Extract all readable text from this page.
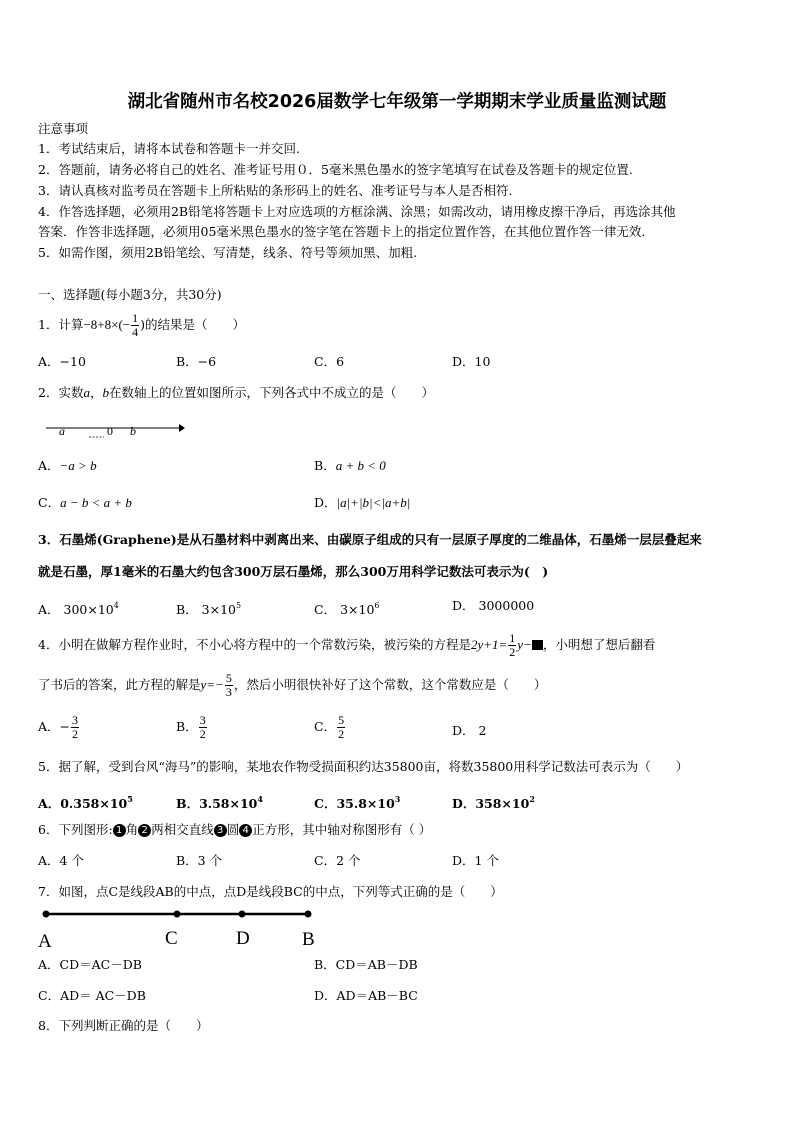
湖北省随州市名校2026届数学七年级第一学期期末学业质量监测试题
注意事项
1．考试结束后，请将本试卷和答题卡一并交回.
2．答题前，请务必将自己的姓名、准考证号用０．5毫米黑色墨水的签字笔填写在试卷及答题卡的规定位置.
3．请认真核对监考员在答题卡上所粘贴的条形码上的姓名、准考证号与本人是否相符.
4．作答选择题，必须用2B铅笔将答题卡上对应选项的方框涂满、涂黑；如需改动，请用橡皮擦干净后，再选涂其他
答案．作答非选择题，必须用05毫米黑色墨水的签字笔在答题卡上的指定位置作答，在其他位置作答一律无效.
5．如需作图，须用2B铅笔绘、写清楚，线条、符号等须加黑、加粗.
一、选择题(每小题3分，共30分)
1．计算$-8+8\times(- \frac{1}{4}$ )的结果是（　　）
A．−10	B．−6	C．6	D．10
2．实数a，b在数轴上的位置如图所示，下列各式中不成立的是（　　）
a	0 b
A．−a > b	B．a + b < 0
C．a − b < a + b	D．|a|+|b|<|a+b|
3．石墨烯(Graphene)是从石墨材料中剥离出来、由碳原子组成的只有一层原子厚度的二维晶体，石墨烯一层层叠起来
就是石墨，厚1毫米的石墨大约包含300万层石墨烯，那么300万用科学记数法可表示为(　)
A． $300\times 10^4$	B． $3\times 10^5$	C． $3\times 10^6$	D． 3000000
4．小明在做解方程作业时，不小心将方程中的一个常数污染，被污染的方程是$2y+1= \frac{1}{2} y-$ ，小明想了想后翻看
了书后的答案，此方程的解是$y=- \frac{5}{3}$ ，然后小明很快补好了这个常数，这个常数应是（　　）
A．− $\frac{3}{2}$	B． $\frac{3}{2}$	C． $\frac{5}{2}$	D． 2
5．据了解，受到台风“海马”的影响，某地农作物受损面积约达35800亩，将数35800用科学记数法可表示为（　　）
A．$0.358\times 10^5$	B．$3.58\times 10^4$	C．$35.8\times 10^3$	D．$358\times 10^2$
6．下列图形: 1 角 2 两相交直线 3 圆 4 正方形，其中轴对称图形有（ ）
A．4 个	B．3 个	C．2 个	D．1 个
7．如图，点C是线段AB的中点，点D是线段BC的中点，下列等式正确的是（　　）
A	C	D	B
A．CD＝AC－DB	B．CD＝AB－DB
C．AD＝ AC－DB	D．AD＝AB－BC
8．下列判断正确的是（　　）
